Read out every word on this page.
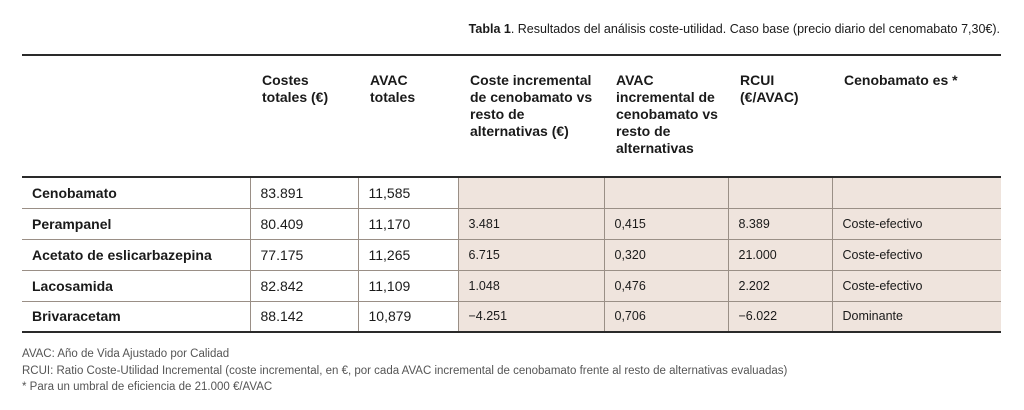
Tabla 1. Resultados del análisis coste-utilidad. Caso base (precio diario del cenomabato 7,30€).
	Costes totales (€)	AVAC totales	Coste incremental de cenobamato vs resto de alternativas (€)	AVAC incremental de cenobamato vs resto de alternativas	RCUI (€/AVAC)	Cenobamato es *
Cenobamato	83.891	11,585				
Perampanel	80.409	11,170	3.481	0,415	8.389	Coste-efectivo
Acetato de eslicarbazepina	77.175	11,265	6.715	0,320	21.000	Coste-efectivo
Lacosamida	82.842	11,109	1.048	0,476	2.202	Coste-efectivo
Brivaracetam	88.142	10,879	−4.251	0,706	−6.022	Dominante
AVAC: Año de Vida Ajustado por Calidad
RCUI: Ratio Coste-Utilidad Incremental (coste incremental, en €, por cada AVAC incremental de cenobamato frente al resto de alternativas evaluadas)
* Para un umbral de eficiencia de 21.000 €/AVAC
